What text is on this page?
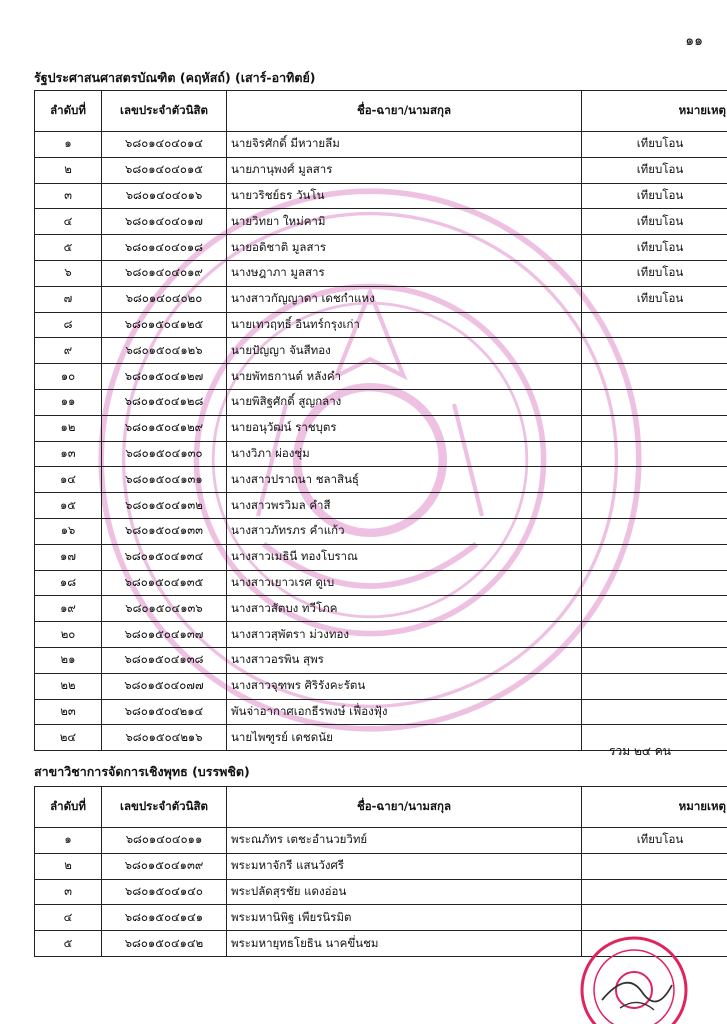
๑๑
รัฐประศาสนศาสตรบัณฑิต (คฤหัสถ์) (เสาร์-อาทิตย์)
ลำดับที่	เลขประจำตัวนิสิต	ชื่อ-ฉายา/นามสกุล	หมายเหตุ
๑	๖๘๐๑๔๐๔๐๑๔	นายจิรศักดิ์ มีหวายลึม	เทียบโอน
๒	๖๘๐๑๔๐๔๐๑๕	นายภานุพงศ์ มูลสาร	เทียบโอน
๓	๖๘๐๑๔๐๔๐๑๖	นายวริชย์ธร วันโน	เทียบโอน
๔	๖๘๐๑๔๐๔๐๑๗	นายวิทยา ใหม่คามิ	เทียบโอน
๕	๖๘๐๑๔๐๔๐๑๘	นายอดิชาติ มูลสาร	เทียบโอน
๖	๖๘๐๑๔๐๔๐๑๙	นางษฎาภา มูลสาร	เทียบโอน
๗	๖๘๐๑๔๐๔๐๒๐	นางสาวกัญญาดา เดชกำแหง	เทียบโอน
๘	๖๘๐๑๕๐๔๑๒๕	นายเทวฤทธิ์ อินทร์กรุงเก่า	
๙	๖๘๐๑๕๐๔๑๒๖	นายปัญญา จันสีทอง	
๑๐	๖๘๐๑๕๐๔๑๒๗	นายพัทธกานต์ หลังคำ	
๑๑	๖๘๐๑๕๐๔๑๒๘	นายพิสิฐศักดิ์ สูญกลาง	
๑๒	๖๘๐๑๕๐๔๑๒๙	นายอนุวัฒน์ ราชบุตร	
๑๓	๖๘๐๑๕๐๔๑๓๐	นางวิภา ผ่องชุ่ม	
๑๔	๖๘๐๑๕๐๔๑๓๑	นางสาวปราถนา ชลาสินธุ์	
๑๕	๖๘๐๑๕๐๔๑๓๒	นางสาวพรวิมล คำสี	
๑๖	๖๘๐๑๕๐๔๑๓๓	นางสาวภัทรภร คำแก้ว	
๑๗	๖๘๐๑๕๐๔๑๓๔	นางสาวเมธินี ทองโบราณ	
๑๘	๖๘๐๑๕๐๔๑๓๕	นางสาวเยาวเรศ ดูเบ	
๑๙	๖๘๐๑๕๐๔๑๓๖	นางสาวสัตบง ทวีโภค	
๒๐	๖๘๐๑๕๐๔๑๓๗	นางสาวสุพัตรา ม่วงทอง	
๒๑	๖๘๐๑๕๐๔๑๓๘	นางสาวอรพิน สุพร	
๒๒	๖๘๐๑๕๐๔๐๗๗	นางสาวจุฑพร ศิริรังคะรัตน	
๒๓	๖๘๐๑๕๐๔๒๑๔	พันจ่าอากาศเอกธีรพงษ์ เฟื่องฟุ้ง	
๒๔	๖๘๐๑๕๐๔๒๑๖	นายไพฑูรย์ เดชดนัย	
รวม ๒๔ คน
สาขาวิชาการจัดการเชิงพุทธ (บรรพชิต)
ลำดับที่	เลขประจำตัวนิสิต	ชื่อ-ฉายา/นามสกุล	หมายเหตุ
๑	๖๘๐๑๔๐๔๐๑๑	พระณภัทร เตชะอำนวยวิทย์	เทียบโอน
๒	๖๘๐๑๕๐๔๑๓๙	พระมหาจักรี แสนวังศรี	
๓	๖๘๐๑๕๐๔๑๔๐	พระปลัดสุรชัย แดงอ่อน	
๔	๖๘๐๑๕๐๔๑๔๑	พระมหานิพิฐ เพียรนิรมิต	
๕	๖๘๐๑๕๐๔๑๔๒	พระมหายุทธโยธิน นาคขึ่นชม	
